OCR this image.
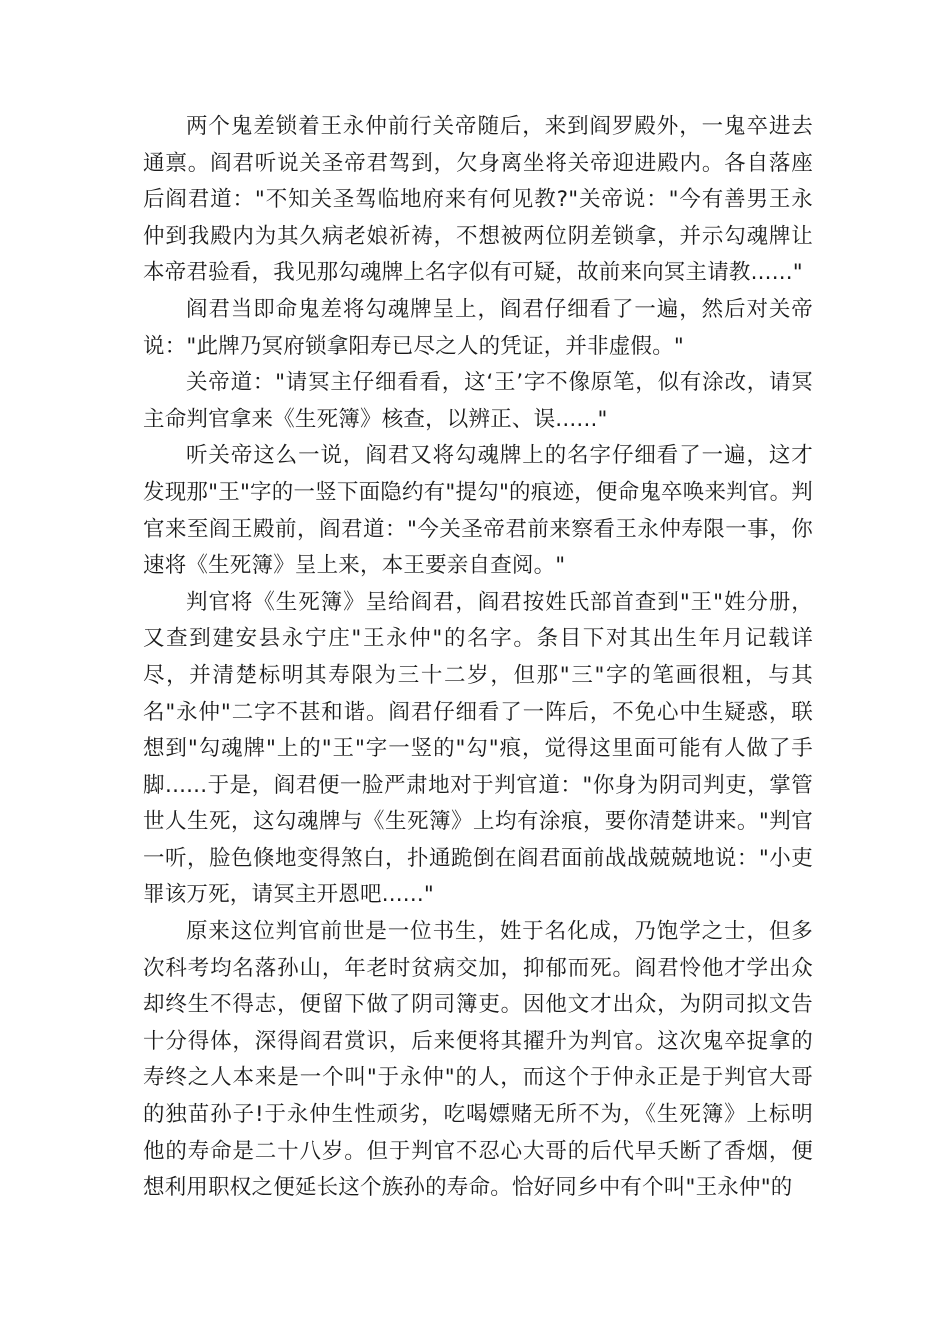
两个鬼差锁着王永仲前行关帝随后，来到阎罗殿外，一鬼卒进去通禀。阎君听说关圣帝君驾到，欠身离坐将关帝迎进殿内。各自落座后阎君道："不知关圣驾临地府来有何见教?"关帝说："今有善男王永仲到我殿内为其久病老娘祈祷，不想被两位阴差锁拿，并示勾魂牌让本帝君验看，我见那勾魂牌上名字似有可疑，故前来向冥主请教......"

阎君当即命鬼差将勾魂牌呈上，阎君仔细看了一遍，然后对关帝说："此牌乃冥府锁拿阳寿已尽之人的凭证，并非虚假。"

关帝道："请冥主仔细看看，这‘王’字不像原笔，似有涂改，请冥主命判官拿来《生死簿》核查，以辨正、误......"

听关帝这么一说，阎君又将勾魂牌上的名字仔细看了一遍，这才发现那"王"字的一竖下面隐约有"提勾"的痕迹，便命鬼卒唤来判官。判官来至阎王殿前，阎君道："今关圣帝君前来察看王永仲寿限一事，你速将《生死簿》呈上来，本王要亲自查阅。"

判官将《生死簿》呈给阎君，阎君按姓氏部首查到"王"姓分册，又查到建安县永宁庄"王永仲"的名字。条目下对其出生年月记载详尽，并清楚标明其寿限为三十二岁，但那"三"字的笔画很粗，与其名"永仲"二字不甚和谐。阎君仔细看了一阵后，不免心中生疑惑，联想到"勾魂牌"上的"王"字一竖的"勾"痕，觉得这里面可能有人做了手脚......于是，阎君便一脸严肃地对于判官道："你身为阴司判吏，掌管世人生死，这勾魂牌与《生死簿》上均有涂痕，要你清楚讲来。"判官一听，脸色倏地变得煞白，扑通跪倒在阎君面前战战兢兢地说："小吏罪该万死，请冥主开恩吧......"

原来这位判官前世是一位书生，姓于名化成，乃饱学之士，但多次科考均名落孙山，年老时贫病交加，抑郁而死。阎君怜他才学出众却终生不得志，便留下做了阴司簿吏。因他文才出众，为阴司拟文告十分得体，深得阎君赏识，后来便将其擢升为判官。这次鬼卒捉拿的寿终之人本来是一个叫"于永仲"的人，而这个于仲永正是于判官大哥的独苗孙子!于永仲生性顽劣，吃喝嫖赌无所不为，《生死簿》上标明他的寿命是二十八岁。但于判官不忍心大哥的后代早夭断了香烟，便想利用职权之便延长这个族孙的寿命。恰好同乡中有个叫"王永仲"的
